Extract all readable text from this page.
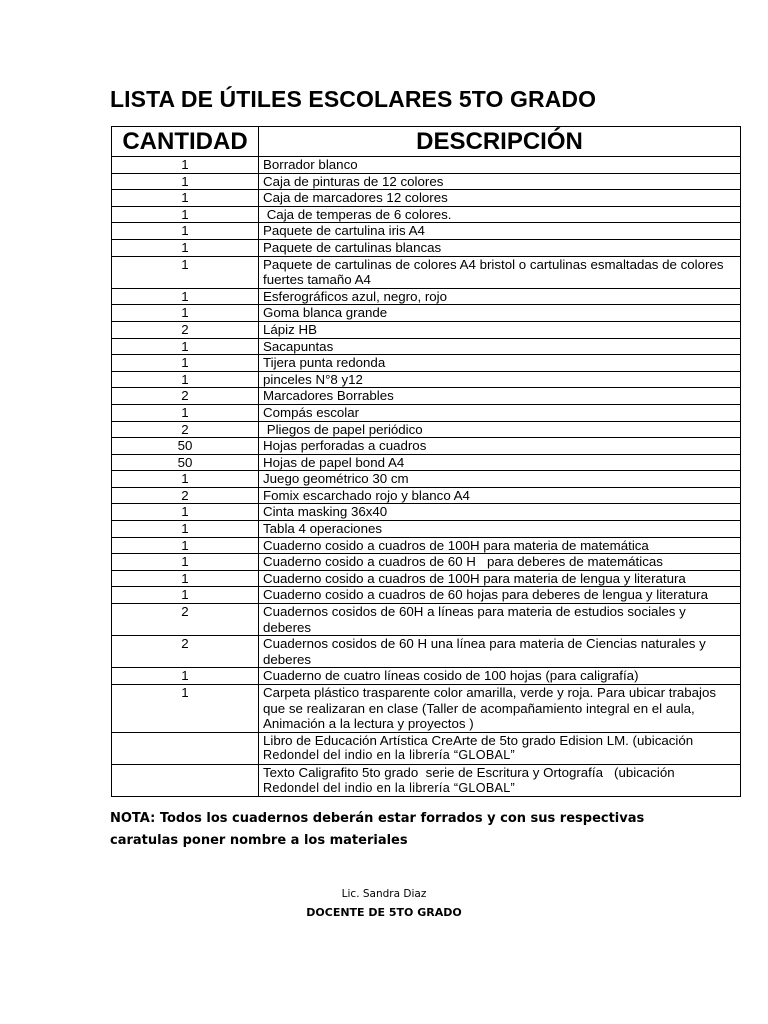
LISTA DE ÚTILES ESCOLARES 5TO GRADO
CANTIDAD	DESCRIPCIÓN
1	Borrador blanco
1	Caja de pinturas de 12 colores
1	Caja de marcadores 12 colores
1	Caja de temperas de 6 colores.
1	Paquete de cartulina iris A4
1	Paquete de cartulinas blancas
1	Paquete de cartulinas de colores A4 bristol o cartulinas esmaltadas de colores fuertes tamaño A4
1	Esferográficos azul, negro, rojo
1	Goma blanca grande
2	Lápiz HB
1	Sacapuntas
1	Tijera punta redonda
1	pinceles N°8 y12
2	Marcadores Borrables
1	Compás escolar
2	Pliegos de papel periódico
50	Hojas perforadas a cuadros
50	Hojas de papel bond A4
1	Juego geométrico 30 cm
2	Fomix escarchado rojo y blanco A4
1	Cinta masking 36x40
1	Tabla 4 operaciones
1	Cuaderno cosido a cuadros de 100H para materia de matemática
1	Cuaderno cosido a cuadros de 60 H   para deberes de matemáticas
1	Cuaderno cosido a cuadros de 100H para materia de lengua y literatura
1	Cuaderno cosido a cuadros de 60 hojas para deberes de lengua y literatura
2	Cuadernos cosidos de 60H a líneas para materia de estudios sociales y deberes
2	Cuadernos cosidos de 60 H una línea para materia de Ciencias naturales y deberes
1	Cuaderno de cuatro líneas cosido de 100 hojas (para caligrafía)
1	Carpeta plástico trasparente color amarilla, verde y roja. Para ubicar trabajos que se realizaran en clase (Taller de acompañamiento integral en el aula, Animación a la lectura y proyectos )
	Libro de Educación Artística CreArte de 5to grado Edision LM. (ubicación
Redondel del indio en la librería “GLOBAL”

	Texto Caligrafito 5to grado  serie de Escritura y Ortografía   (ubicación
Redondel del indio en la librería “GLOBAL”
NOTA: Todos los cuadernos deberán estar forrados y con sus respectivas caratulas poner nombre a los materiales
Lic. Sandra Diaz
DOCENTE DE 5TO GRADO
